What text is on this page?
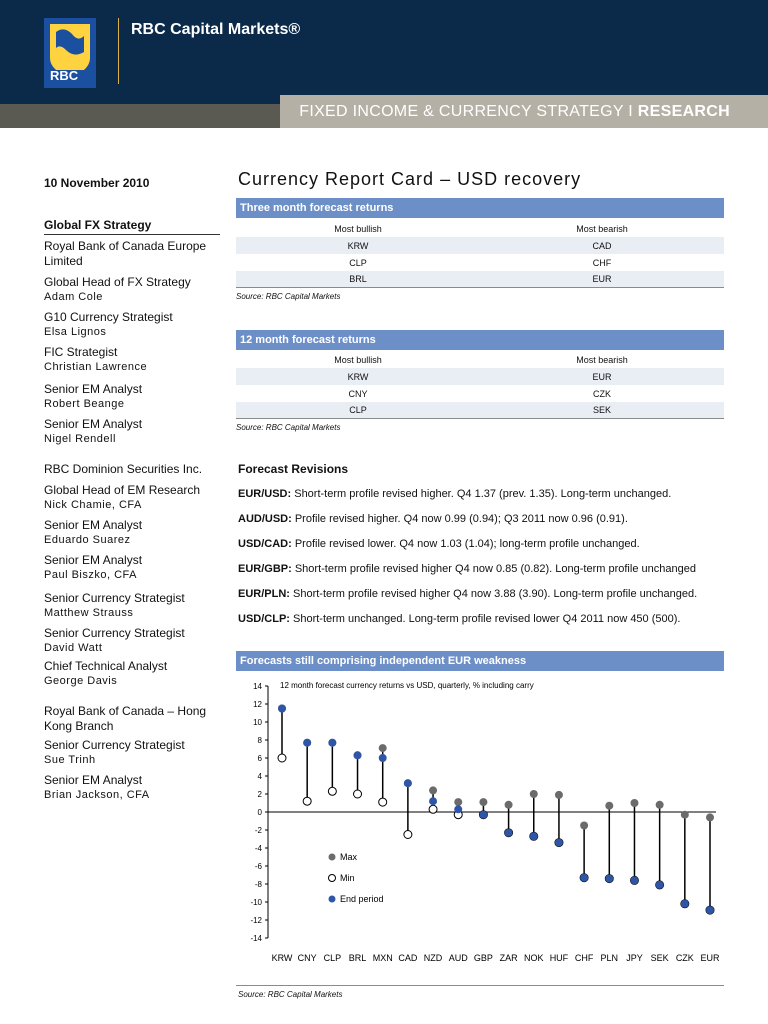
RBC
RBC Capital Markets®
FIXED INCOME & CURRENCY STRATEGY I RESEARCH
10 November 2010
Global FX Strategy
Royal Bank of Canada Europe Limited
Global Head of FX Strategy
Adam Cole
G10 Currency Strategist
Elsa Lignos
FIC Strategist
Christian Lawrence
Senior EM Analyst
Robert Beange
Senior EM Analyst
Nigel Rendell
RBC Dominion Securities Inc.
Global Head of EM Research
Nick Chamie, CFA
Senior EM Analyst
Eduardo Suarez
Senior EM Analyst
Paul Biszko, CFA
Senior Currency Strategist
Matthew Strauss
Senior Currency Strategist
David Watt
Chief Technical Analyst
George Davis
Royal Bank of Canada – Hong Kong Branch
Senior Currency Strategist
Sue Trinh
Senior EM Analyst
Brian Jackson, CFA
Currency Report Card – USD recovery
Three month forecast returns
Most bullish	Most bearish
KRW	CAD
CLP	CHF
BRL	EUR
Source: RBC Capital Markets
12 month forecast returns
Most bullish	Most bearish
KRW	EUR
CNY	CZK
CLP	SEK
Source: RBC Capital Markets
Forecast Revisions
EUR/USD: Short-term profile revised higher. Q4 1.37 (prev. 1.35). Long-term unchanged.
AUD/USD: Profile revised higher. Q4 now 0.99 (0.94); Q3 2011 now 0.96 (0.91).
USD/CAD: Profile revised lower. Q4 now 1.03 (1.04); long-term profile unchanged.
EUR/GBP: Short-term profile revised higher Q4 now 0.85 (0.82). Long-term profile unchanged
EUR/PLN: Short-term profile revised higher Q4 now 3.88 (3.90). Long-term profile unchanged.
USD/CLP: Short-term unchanged. Long-term profile revised lower Q4 2011 now 450 (500).
Forecasts still comprising independent EUR weakness
14
12
10
8
6
4
2
0
-2
-4
-6
-8
-10
-12
-14
12 month forecast currency returns vs USD, quarterly, % including carry
KRW CNY CLP BRL MXN CAD NZD AUD GBP ZAR NOK HUF CHF PLN JPY SEK CZK EUR
Max
Min
End period
Source: RBC Capital Markets
